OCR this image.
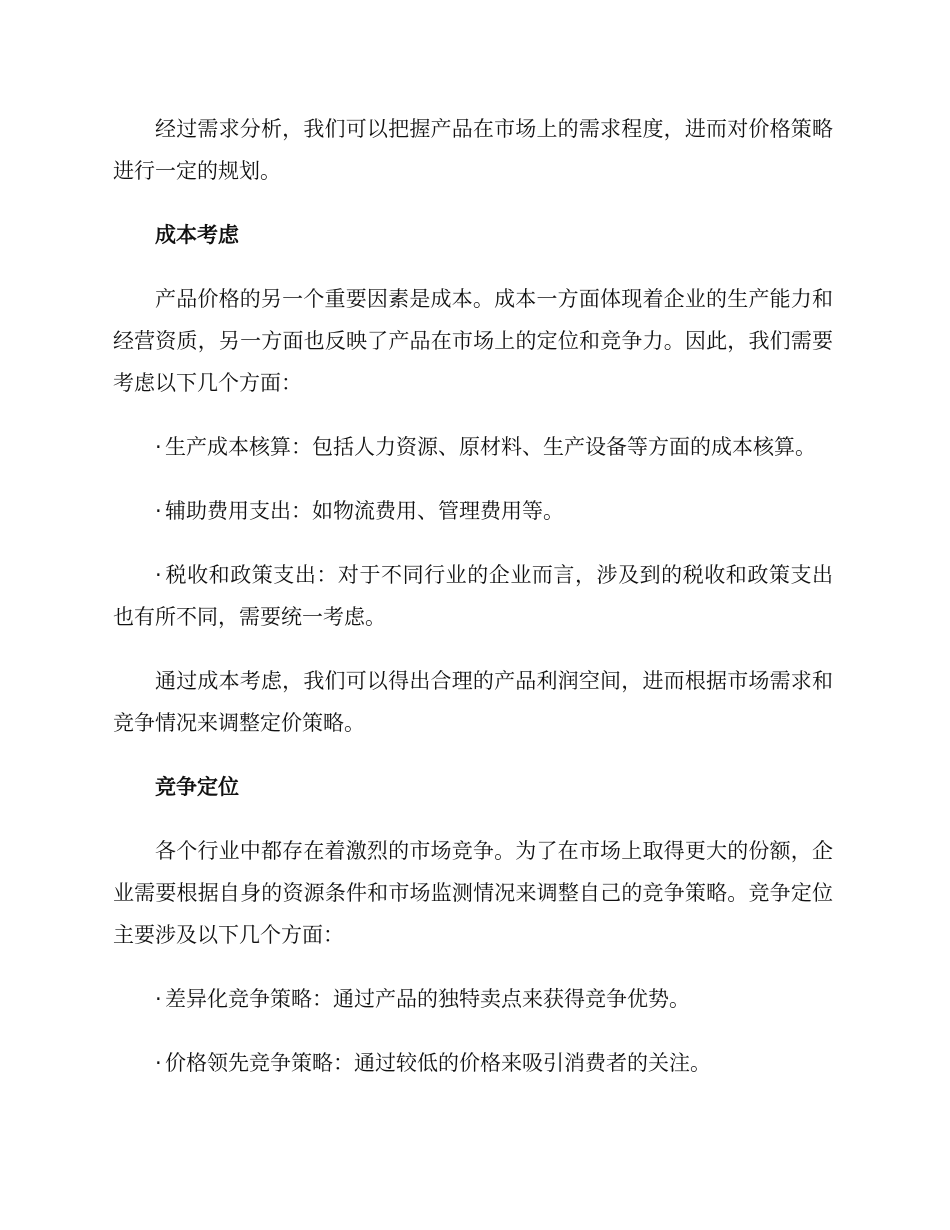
经过需求分析，我们可以把握产品在市场上的需求程度，进而对价格策略进行一定的规划。

成本考虑

产品价格的另一个重要因素是成本。成本一方面体现着企业的生产能力和经营资质，另一方面也反映了产品在市场上的定位和竞争力。因此，我们需要考虑以下几个方面：

· 生产成本核算：包括人力资源、原材料、生产设备等方面的成本核算。

· 辅助费用支出：如物流费用、管理费用等。

· 税收和政策支出：对于不同行业的企业而言，涉及到的税收和政策支出也有所不同，需要统一考虑。

通过成本考虑，我们可以得出合理的产品利润空间，进而根据市场需求和竞争情况来调整定价策略。

竞争定位

各个行业中都存在着激烈的市场竞争。为了在市场上取得更大的份额，企业需要根据自身的资源条件和市场监测情况来调整自己的竞争策略。竞争定位主要涉及以下几个方面：

· 差异化竞争策略：通过产品的独特卖点来获得竞争优势。

· 价格领先竞争策略：通过较低的价格来吸引消费者的关注。
